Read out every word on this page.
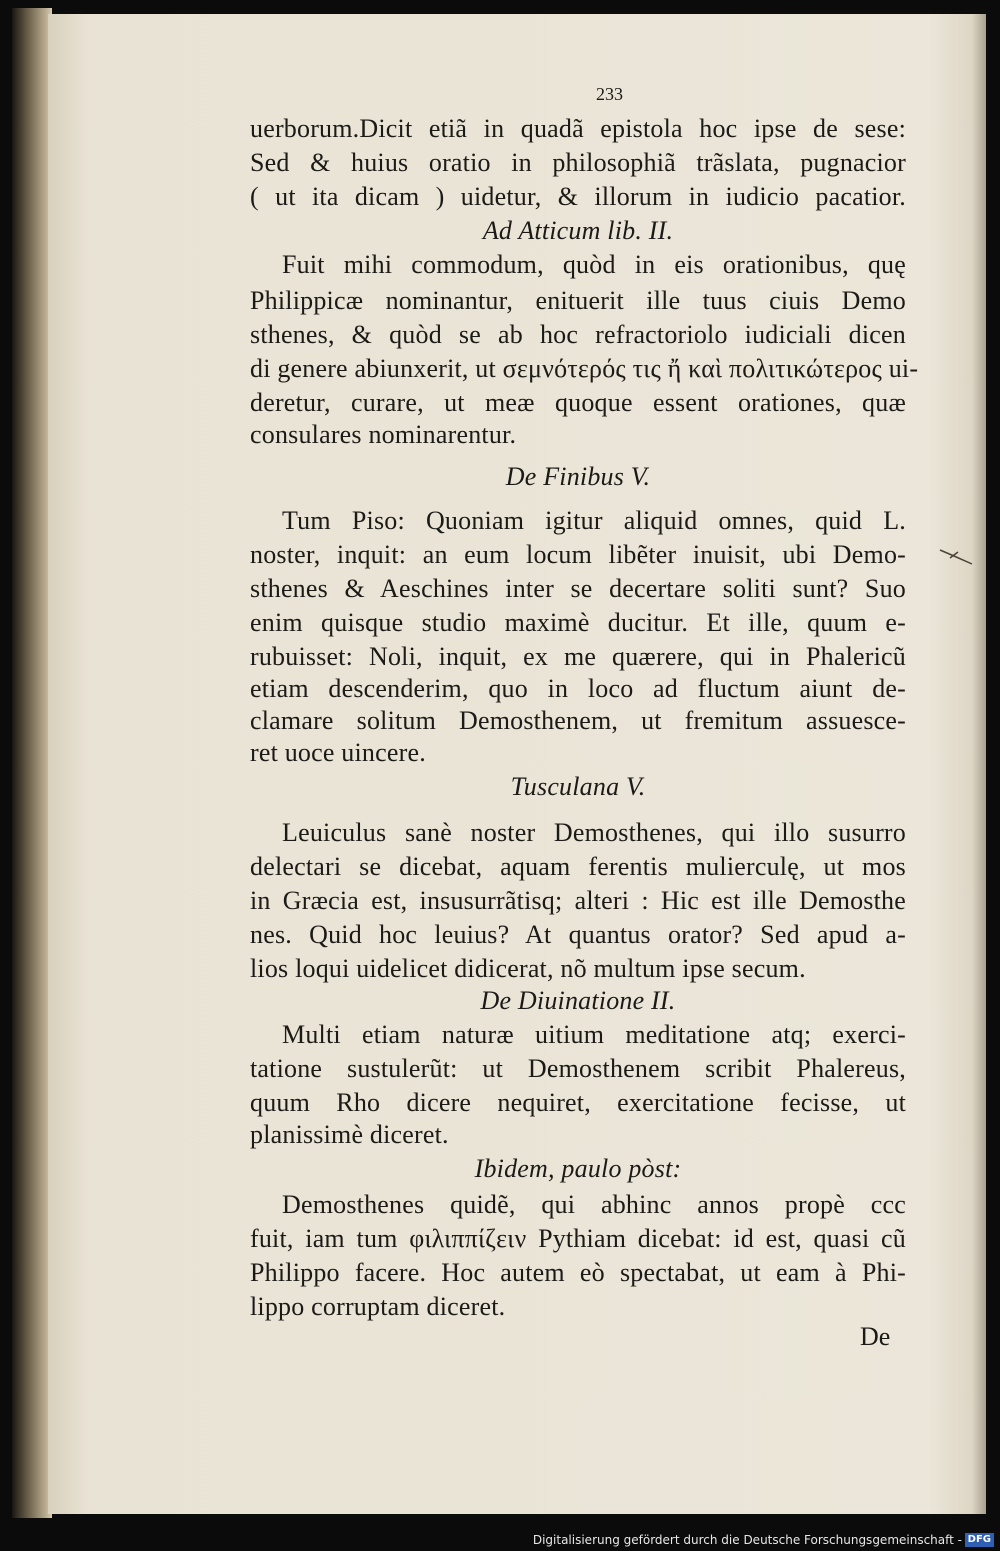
233
uerborum.Dicit etiã in quadã epistola hoc ipse de sese:
Sed & huius oratio in philosophiã trãslata, pugnacior
( ut ita dicam ) uidetur, & illorum in iudicio pacatior.
Ad Atticum lib. II.
Fuit mihi commodum, quòd in eis orationibus, quę
Philippicæ nominantur, enituerit ille tuus ciuis Demo
sthenes, & quòd se ab hoc refractoriolo iudiciali dicen
di genere abiunxerit, ut σεμνότερός τις ἤ καὶ πολιτικώτερος ui-
deretur, curare, ut meæ quoque essent orationes, quæ
consulares nominarentur.
De Finibus V.
Tum Piso: Quoniam igitur aliquid omnes, quid L.
noster, inquit: an eum locum libẽter inuisit, ubi Demo-
sthenes & Aeschines inter se decertare soliti sunt? Suo
enim quisque studio maximè ducitur. Et ille, quum e-
rubuisset: Noli, inquit, ex me quærere, qui in Phalericũ
etiam descenderim, quo in loco ad fluctum aiunt de-
clamare solitum Demosthenem, ut fremitum assuesce-
ret uoce uincere.
Tusculana V.
Leuiculus sanè noster Demosthenes, qui illo susurro
delectari se dicebat, aquam ferentis mulierculę, ut mos
in Græcia est, insusurrãtisq; alteri : Hic est ille Demosthe
nes. Quid hoc leuius? At quantus orator? Sed apud a-
lios loqui uidelicet didicerat, nõ multum ipse secum.
De Diuinatione II.
Multi etiam naturæ uitium meditatione atq; exerci-
tatione sustulerũt: ut Demosthenem scribit Phalereus,
quum Rho dicere nequiret, exercitatione fecisse, ut
planissimè diceret.
Ibidem, paulo pòst:
Demosthenes quidẽ, qui abhinc annos propè ccc
fuit, iam tum φιλιππίζειν Pythiam dicebat: id est, quasi cũ
Philippo facere. Hoc autem eò spectabat, ut eam à Phi-
lippo corruptam diceret.
De
Digitalisierung gefördert durch die Deutsche Forschungsgemeinschaft - DFG
